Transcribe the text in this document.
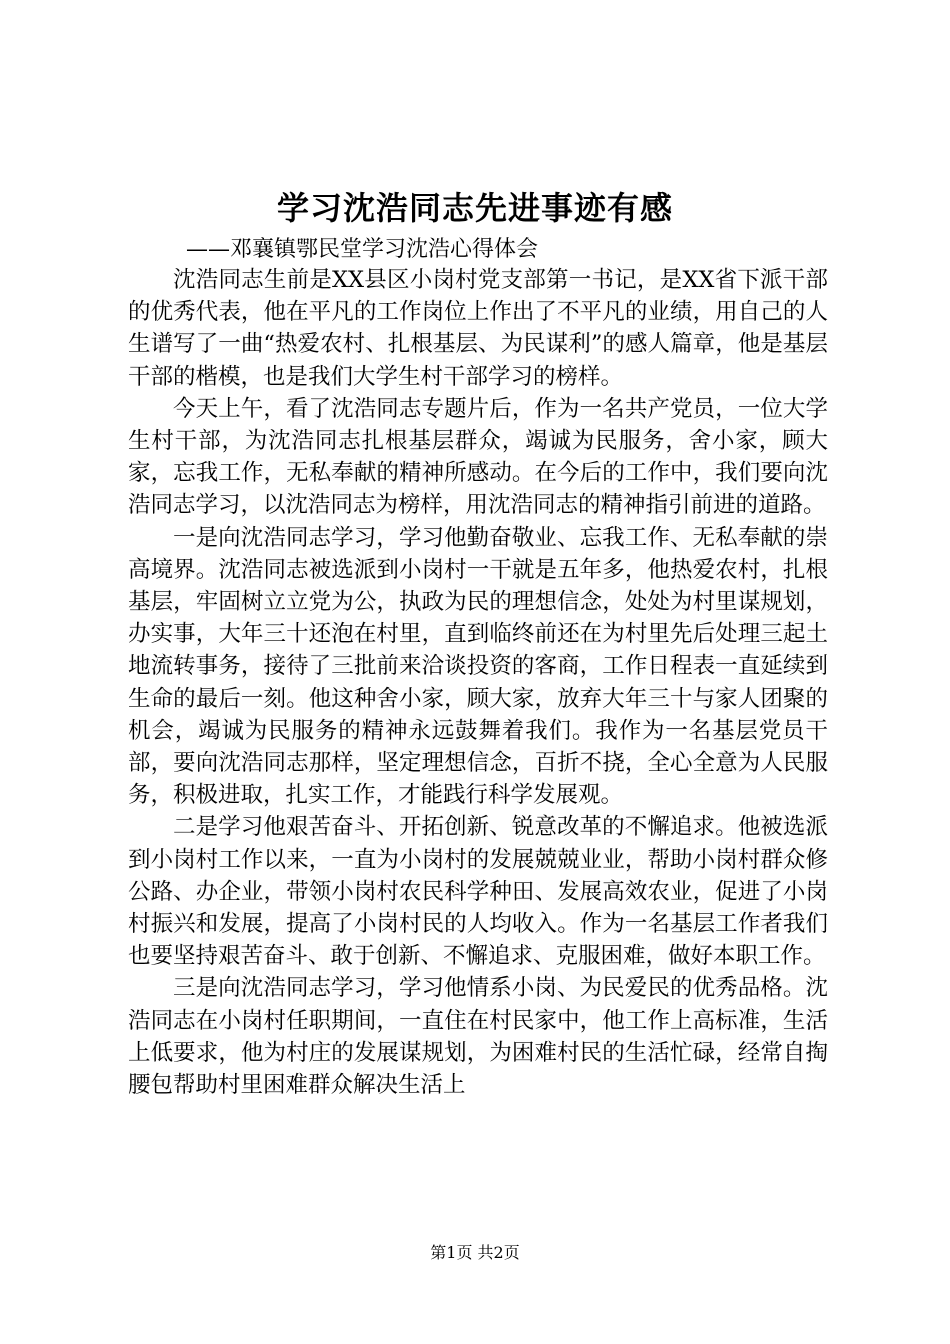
学习沈浩同志先进事迹有感
——邓襄镇鄂民堂学习沈浩心得体会

沈浩同志生前是XX县区小岗村党支部第一书记，是XX省下派干部的优秀代表，他在平凡的工作岗位上作出了不平凡的业绩，用自己的人生谱写了一曲“热爱农村、扎根基层、为民谋利”的感人篇章，他是基层干部的楷模，也是我们大学生村干部学习的榜样。

今天上午，看了沈浩同志专题片后，作为一名共产党员，一位大学生村干部，为沈浩同志扎根基层群众，竭诚为民服务，舍小家，顾大家，忘我工作，无私奉献的精神所感动。在今后的工作中，我们要向沈浩同志学习，以沈浩同志为榜样，用沈浩同志的精神指引前进的道路。

一是向沈浩同志学习，学习他勤奋敬业、忘我工作、无私奉献的崇高境界。沈浩同志被选派到小岗村一干就是五年多，他热爱农村，扎根基层，牢固树立立党为公，执政为民的理想信念，处处为村里谋规划，办实事，大年三十还泡在村里，直到临终前还在为村里先后处理三起土地流转事务，接待了三批前来洽谈投资的客商，工作日程表一直延续到生命的最后一刻。他这种舍小家，顾大家，放弃大年三十与家人团聚的机会，竭诚为民服务的精神永远鼓舞着我们。我作为一名基层党员干部，要向沈浩同志那样，坚定理想信念，百折不挠，全心全意为人民服务，积极进取，扎实工作，才能践行科学发展观。

二是学习他艰苦奋斗、开拓创新、锐意改革的不懈追求。他被选派到小岗村工作以来，一直为小岗村的发展兢兢业业，帮助小岗村群众修公路、办企业，带领小岗村农民科学种田、发展高效农业，促进了小岗村振兴和发展，提高了小岗村民的人均收入。作为一名基层工作者我们也要坚持艰苦奋斗、敢于创新、不懈追求、克服困难，做好本职工作。

三是向沈浩同志学习，学习他情系小岗、为民爱民的优秀品格。沈浩同志在小岗村任职期间，一直住在村民家中，他工作上高标准，生活上低要求，他为村庄的发展谋规划，为困难村民的生活忙碌，经常自掏腰包帮助村里困难群众解决生活上

第1页 共2页
